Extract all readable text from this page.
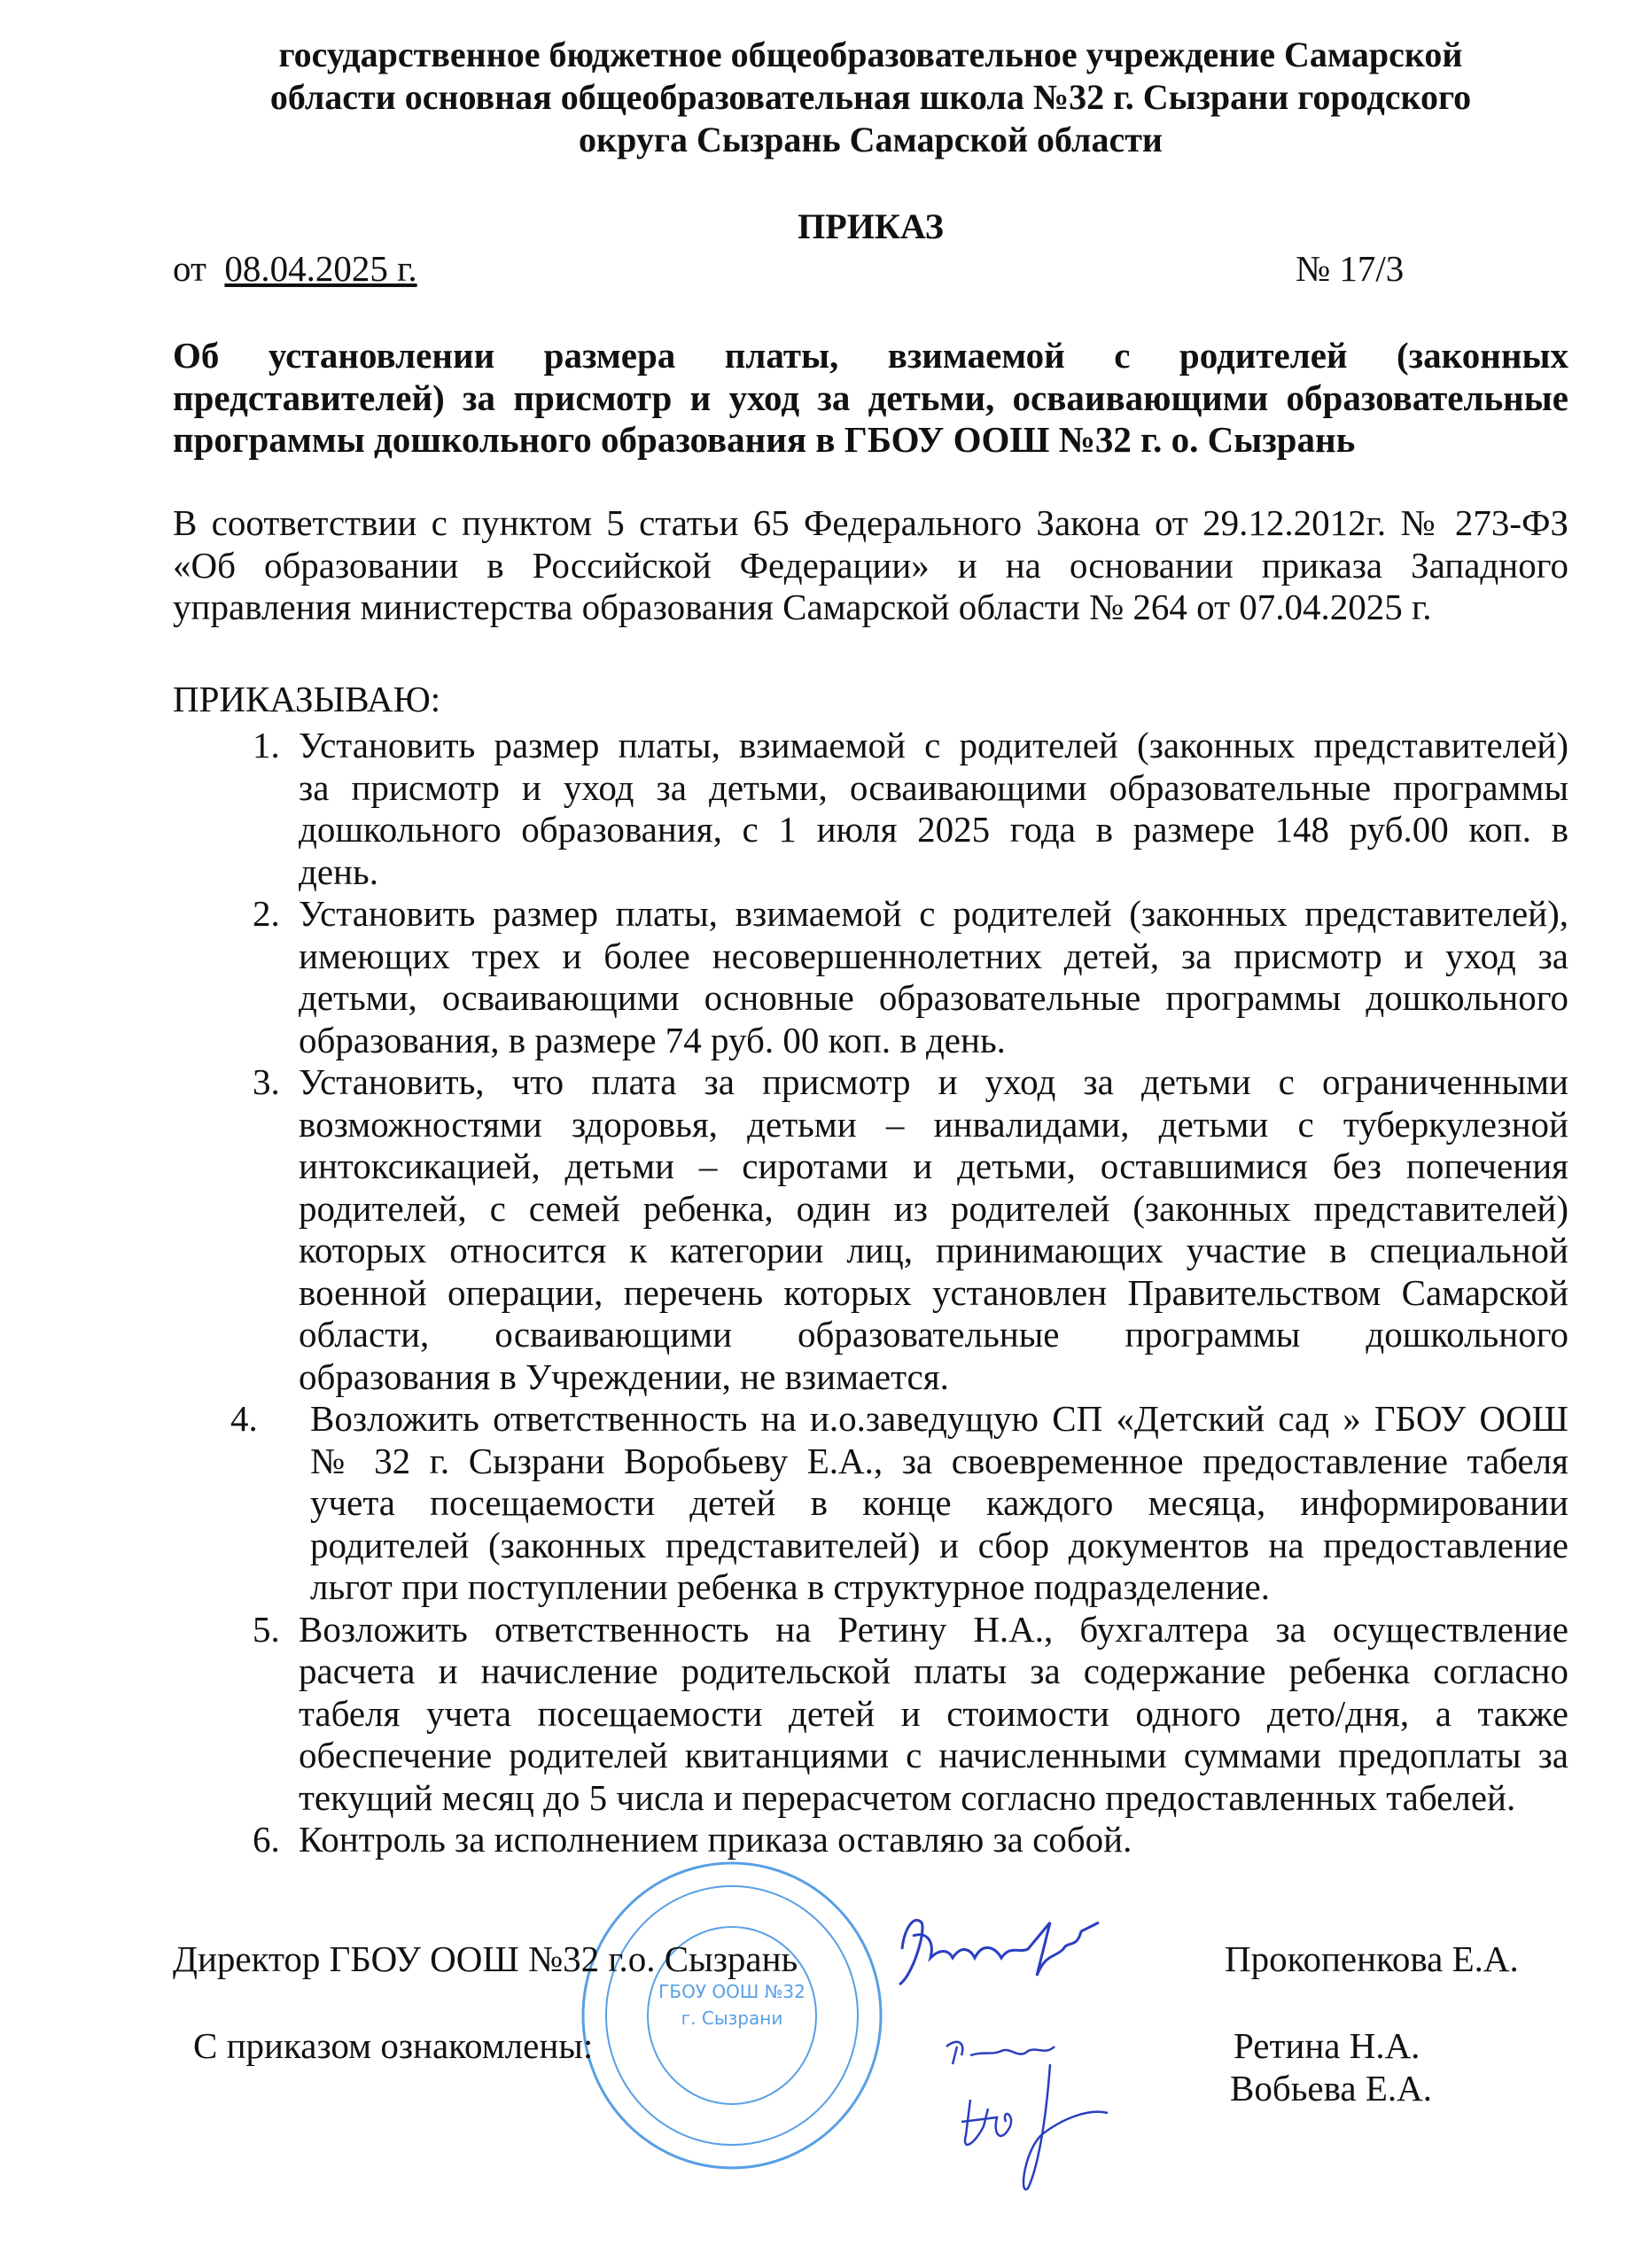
государственное бюджетное общеобразовательное учреждение Самарской
области основная общеобразовательная школа №32 г. Сызрани городского
округа Сызрань Самарской области
ПРИКАЗ
от 08.04.2025 г.	№ 17/3
Об установлении размера платы, взимаемой с родителей (законных
представителей) за присмотр и уход за детьми, осваивающими образовательные
программы дошкольного образования в ГБОУ ООШ №32 г. о. Сызрань
В соответствии с пунктом 5 статьи 65 Федерального Закона от 29.12.2012г. № 273-ФЗ
«Об образовании в Российской Федерации» и на основании приказа Западного
управления министерства образования Самарской области № 264 от 07.04.2025 г.
ПРИКАЗЫВАЮ:
1. Установить размер платы, взимаемой с родителей (законных представителей)
за присмотр и уход за детьми, осваивающими образовательные программы
дошкольного образования, с 1 июля 2025 года в размере 148 руб.00 коп. в
день.
2. Установить размер платы, взимаемой с родителей (законных представителей),
имеющих трех и более несовершеннолетних детей, за присмотр и уход за
детьми, осваивающими основные образовательные программы дошкольного
образования, в размере 74 руб. 00 коп. в день.
3. Установить, что плата за присмотр и уход за детьми с ограниченными
возможностями здоровья, детьми – инвалидами, детьми с туберкулезной
интоксикацией, детьми – сиротами и детьми, оставшимися без попечения
родителей, с семей ребенка, один из родителей (законных представителей)
которых относится к категории лиц, принимающих участие в специальной
военной операции, перечень которых установлен Правительством Самарской
области, осваивающими образовательные программы дошкольного
образования в Учреждении, не взимается.
4. Возложить ответственность на и.о.заведущую СП «Детский сад » ГБОУ ООШ
№ 32 г. Сызрани Воробьеву Е.А., за своевременное предоставление табеля
учета посещаемости детей в конце каждого месяца, информировании
родителей (законных представителей) и сбор документов на предоставление
льгот при поступлении ребенка в структурное подразделение.
5. Возложить ответственность на Ретину Н.А., бухгалтера за осуществление
расчета и начисление родительской платы за содержание ребенка согласно
табеля учета посещаемости детей и стоимости одного дето/дня, а также
обеспечение родителей квитанциями с начисленными суммами предоплаты за
текущий месяц до 5 числа и перерасчетом согласно предоставленных табелей.
6. Контроль за исполнением приказа оставляю за собой.
ГБОУ ООШ №32
г. Сызрани
Директор ГБОУ ООШ №32 г.о. Сызрань	Прокопенкова Е.А.
С приказом ознакомлены:	Ретина Н.А.
Вобьева Е.А.
